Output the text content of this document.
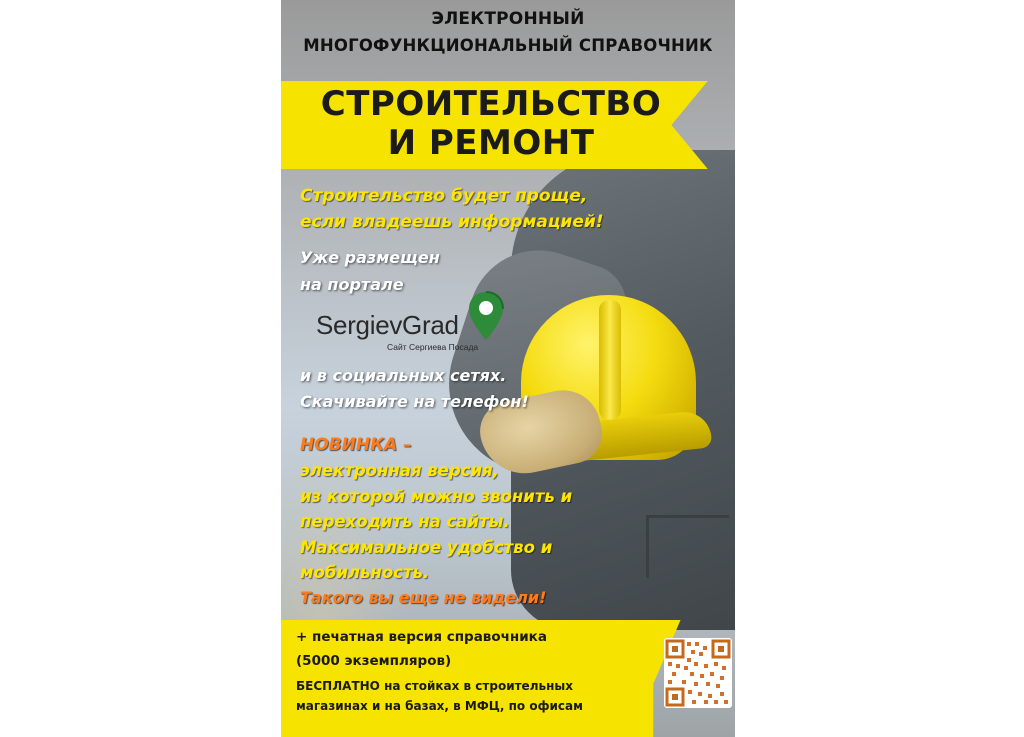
ЭЛЕКТРОННЫЙ
МНОГОФУНКЦИОНАЛЬНЫЙ СПРАВОЧНИК
СТРОИТЕЛЬСТВО
И РЕМОНТ
Строительство будет проще,
если владеешь информацией!
Уже размещен
на портале
SergievGrad
Сайт Сергиева Посада
и в социальных сетях.
Скачивайте на телефон!
НОВИНКА –
электронная версия,
из которой можно звонить и
переходить на сайты.
Максимальное удобство и
мобильность.
Такого вы еще не видели!
+ печатная версия справочника
(5000 экземпляров)
БЕСПЛАТНО на стойках в строительных
магазинах и на базах, в МФЦ, по офисам
